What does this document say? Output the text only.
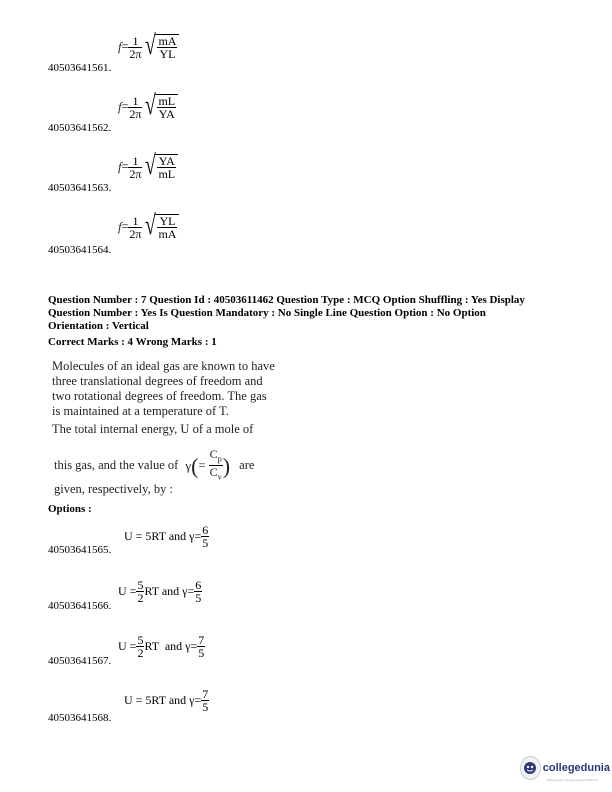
$f= \frac{1}{2\pi}$
√ $\frac{mA}{YL}$
40503641561.
$f= \frac{1}{2\pi}$
√ $\frac{mL}{YA}$
40503641562.
$f= \frac{1}{2\pi}$
√ $\frac{YA}{mL}$
40503641563.
$f= \frac{1}{2\pi}$
√ $\frac{YL}{mA}$
40503641564.
Question Number : 7 Question Id : 40503611462 Question Type : MCQ Option Shuffling : Yes Display
Question Number : Yes Is Question Mandatory : No Single Line Question Option : No Option
Orientation : Vertical
Correct Marks : 4 Wrong Marks : 1
Molecules of an ideal gas are known to have
three translational degrees of freedom and
two rotational degrees of freedom. The gas
is maintained at a temperature of T.
The total internal energy, U of a mole of
this gas, and the value of $\gamma(= \frac{C_p}{C_v}$ ) are
given, respectively, by :
Options :
U = 5RT and $\gamma= \frac{6}{5}$
40503641565.
$U = \frac{5}{2}$ RT and $\gamma= \frac{6}{5}$
40503641566.
$U = \frac{5}{2}$ RT  and $\gamma= \frac{7}{5}$
40503641567.
U = 5RT and $\gamma= \frac{7}{5}$
40503641568.
collegedunia
India's largest Student Review Platform
